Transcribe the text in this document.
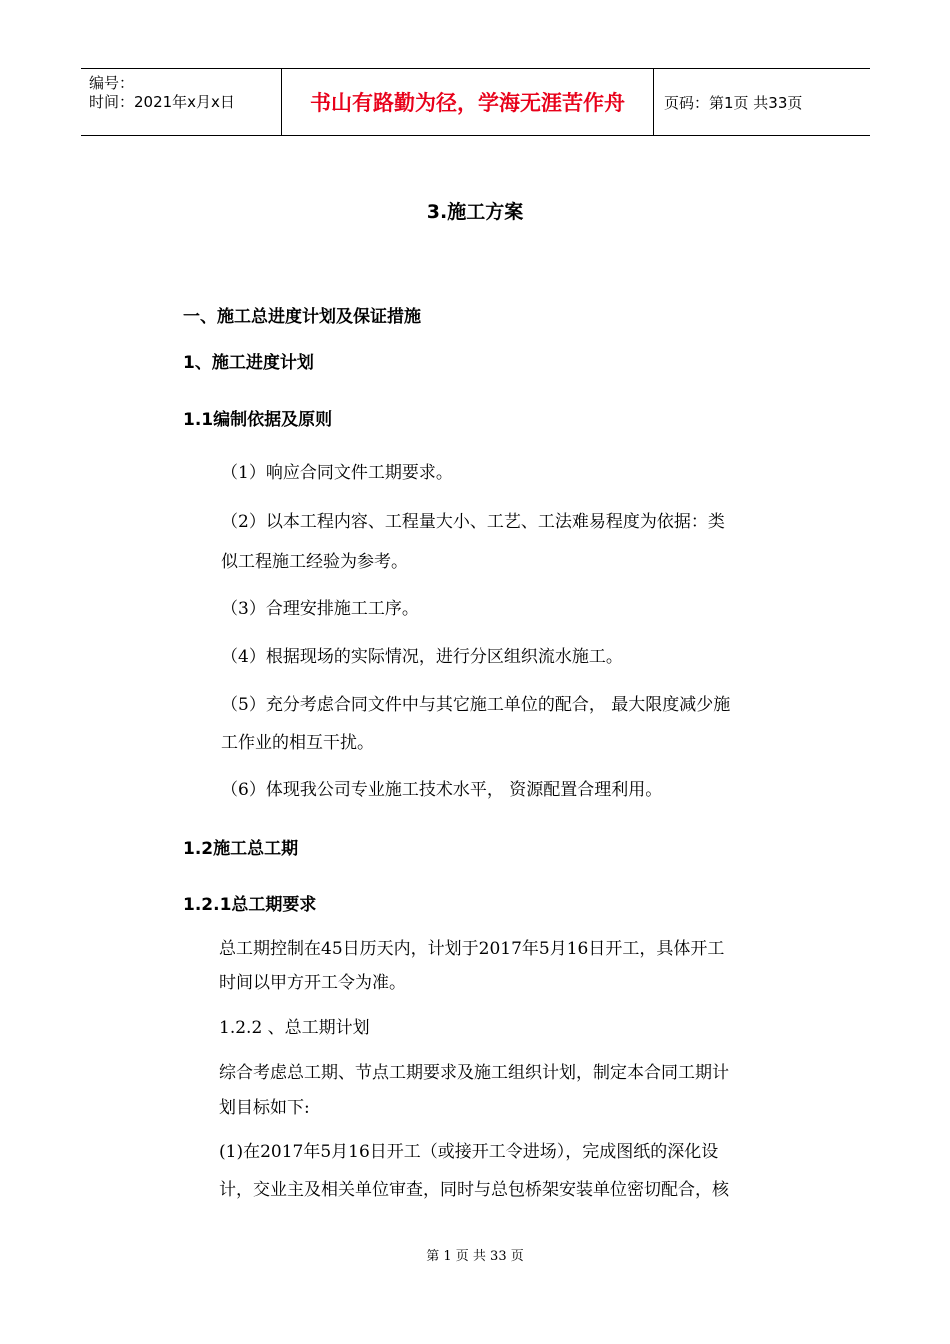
编号：
时间：2021年x月x日	书山有路勤为径，学海无涯苦作舟	页码：第1页 共33页
3.施工方案
一、施工总进度计划及保证措施
1、施工进度计划
1.1编制依据及原则
（1）响应合同文件工期要求。
（2）以本工程内容、工程量大小、工艺、工法难易程度为依据：类
似工程施工经验为参考。
（3）合理安排施工工序。
（4）根据现场的实际情况，进行分区组织流水施工。
（5）充分考虑合同文件中与其它施工单位的配合， 最大限度减少施
工作业的相互干扰。
（6）体现我公司专业施工技术水平， 资源配置合理利用。
1.2施工总工期
1.2.1总工期要求
总工期控制在45日历天内，计划于2017年5月16日开工，具体开工
时间以甲方开工令为准。
1.2.2 、总工期计划
综合考虑总工期、节点工期要求及施工组织计划，制定本合同工期计
划目标如下:
(1)在2017年5月16日开工（或接开工令进场），完成图纸的深化设
计，交业主及相关单位审查，同时与总包桥架安装单位密切配合，核
第 1 页 共 33 页
